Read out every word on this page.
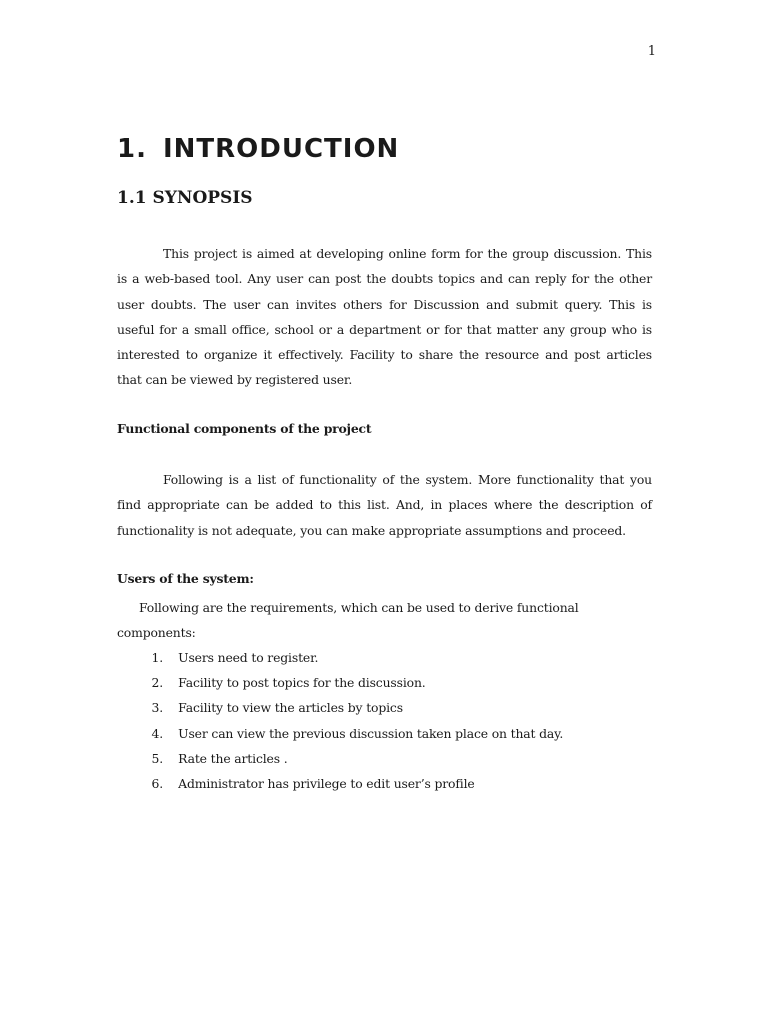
1
1. INTRODUCTION
1.1 SYNOPSIS

This project is aimed at developing online form for the group discussion. This is a web-based tool. Any user can post the doubts topics and can reply for the other user doubts. The user can invites others for Discussion and submit query. This is useful for a small office, school or a department or for that matter any group who is interested to organize it effectively. Facility to share the resource and post articles that can be viewed by registered user.

Functional components of the project

Following is a list of functionality of the system. More functionality that you find appropriate can be added to this list. And, in places where the description of functionality is not adequate, you can make appropriate assumptions and proceed.

Users of the system:

Following are the requirements, which can be used to derive functional components:

1.	Users need to register.
2.	Facility to post topics for the discussion.
3.	Facility to view the articles by topics
4.	User can view the previous discussion taken place on that day.
5.	Rate the articles .
6.	Administrator has privilege to edit user’s profile
